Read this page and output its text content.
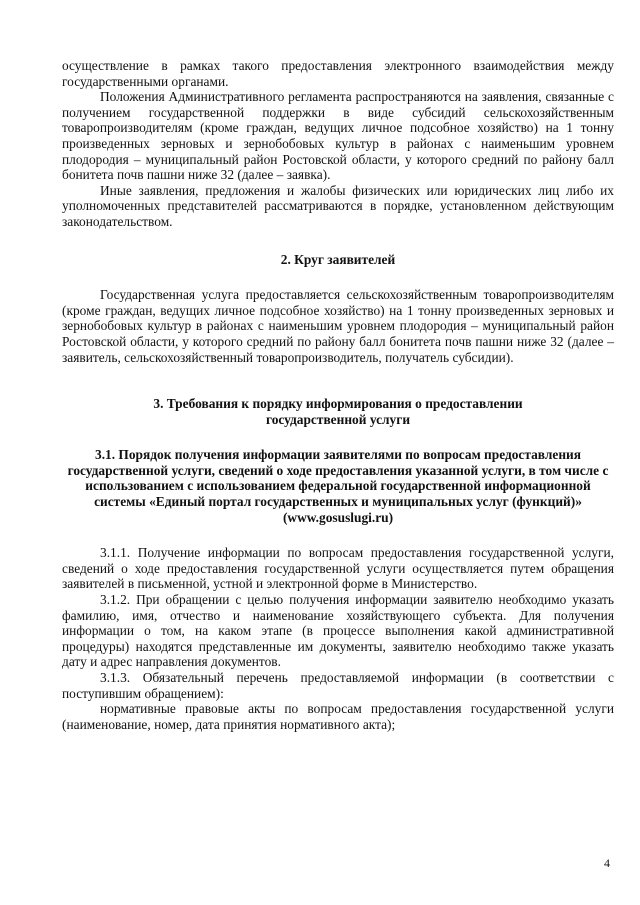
осуществление в рамках такого предоставления электронного взаимодействия между государственными органами.

Положения Административного регламента распространяются на заявления, связанные с получением государственной поддержки в виде субсидий сельскохозяйственным товаропроизводителям (кроме граждан, ведущих личное подсобное хозяйство) на 1 тонну произведенных зерновых и зернобобовых культур в районах с наименьшим уровнем плодородия – муниципальный район Ростовской области, у которого средний по району балл бонитета почв пашни ниже 32 (далее – заявка).

Иные заявления, предложения и жалобы физических или юридических лиц либо их уполномоченных представителей рассматриваются в порядке, установленном действующим законодательством.

2. Круг заявителей

Государственная услуга предоставляется сельскохозяйственным товаропроизводителям (кроме граждан, ведущих личное подсобное хозяйство) на 1 тонну произведенных зерновых и зернобобовых культур в районах с наименьшим уровнем плодородия – муниципальный район Ростовской области, у которого средний по району балл бонитета почв пашни ниже 32 (далее – заявитель, сельскохозяйственный товаропроизводитель, получатель субсидии).

3. Требования к порядку информирования о предоставлении
государственной услуги

3.1. Порядок получения информации заявителями по вопросам предоставления государственной услуги, сведений о ходе предоставления указанной услуги, в том числе с использованием с использованием федеральной государственной информационной системы «Единый портал государственных и муниципальных услуг (функций)» (www.gosuslugi.ru)

3.1.1. Получение информации по вопросам предоставления государственной услуги, сведений о ходе предоставления государственной услуги осуществляется путем обращения заявителей в письменной, устной и электронной форме в Министерство.

3.1.2. При обращении с целью получения информации заявителю необходимо указать фамилию, имя, отчество и наименование хозяйствующего субъекта. Для получения информации о том, на каком этапе (в процессе выполнения какой административной процедуры) находятся представленные им документы, заявителю необходимо также указать дату и адрес направления документов.

3.1.3. Обязательный перечень предоставляемой информации (в соответствии с поступившим обращением):

нормативные правовые акты по вопросам предоставления государственной услуги (наименование, номер, дата принятия нормативного акта);

4
